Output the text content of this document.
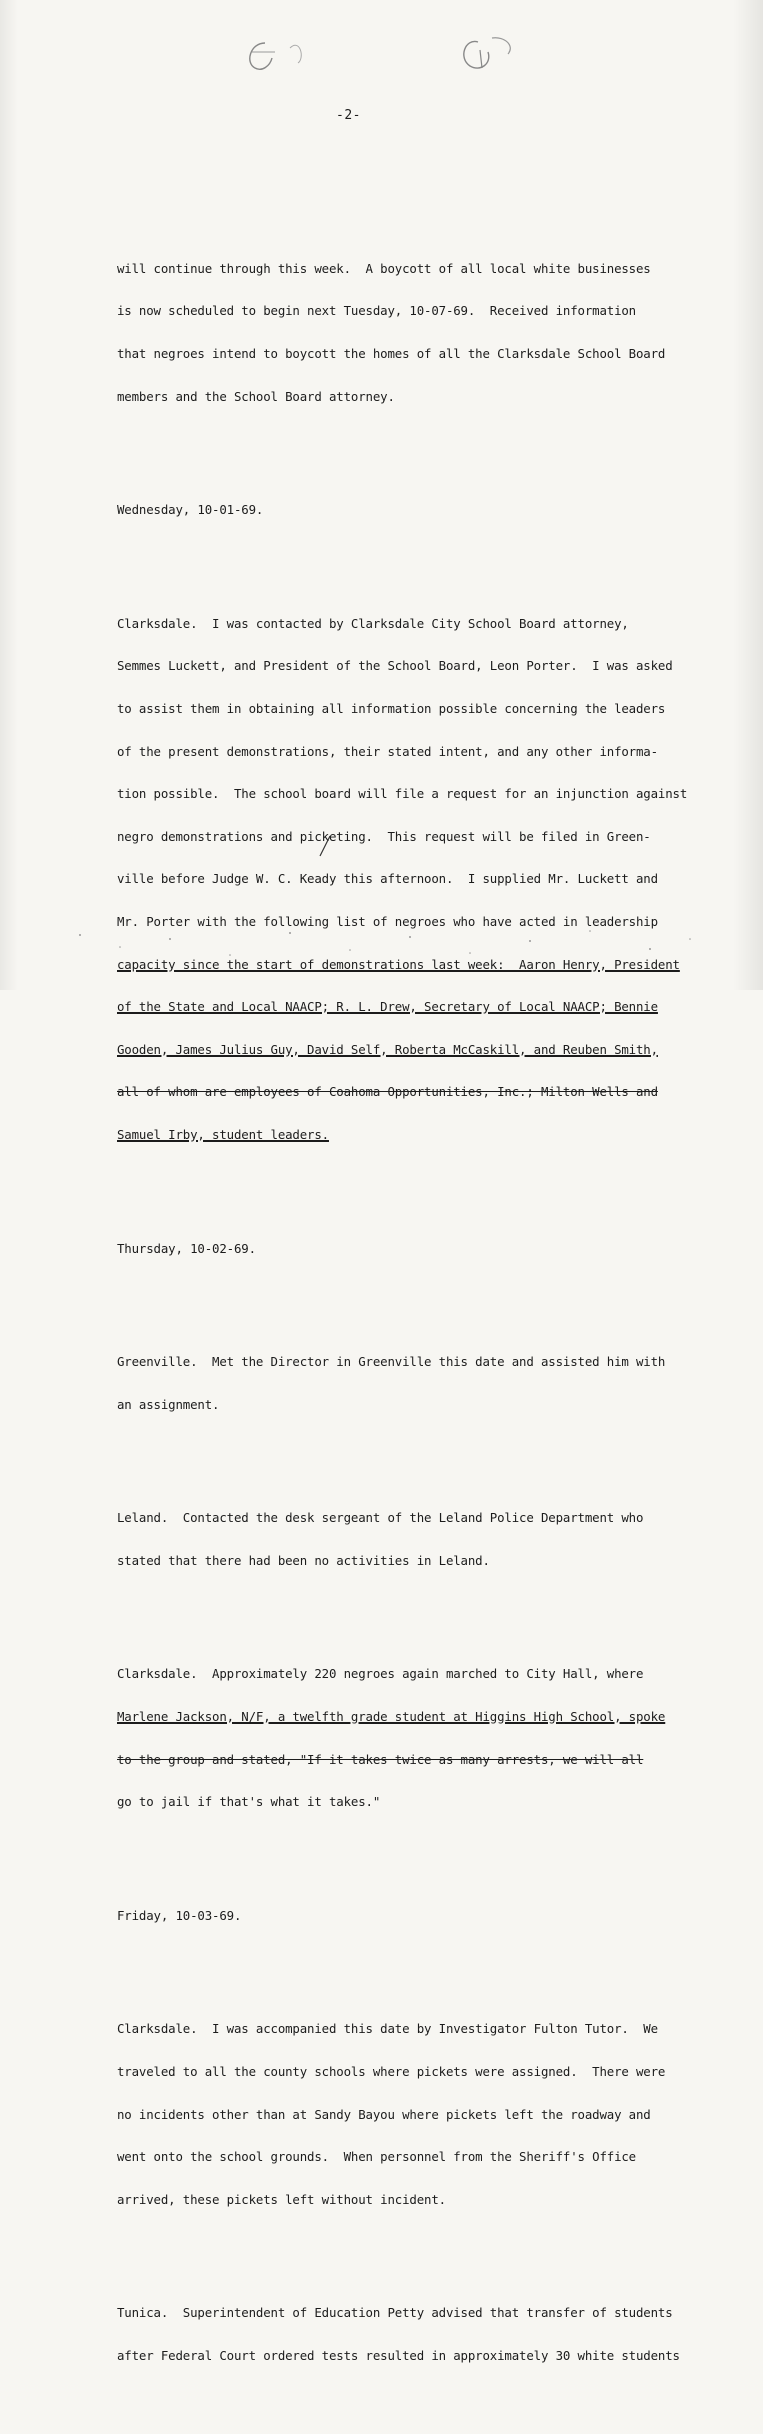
-2-

will continue through this week.  A boycott of all local white businesses

is now scheduled to begin next Tuesday, 10-07-69.  Received information

that negroes intend to boycott the homes of all the Clarksdale School Board

members and the School Board attorney.

Wednesday, 10-01-69.

Clarksdale.  I was contacted by Clarksdale City School Board attorney,

Semmes Luckett, and President of the School Board, Leon Porter.  I was asked

to assist them in obtaining all information possible concerning the leaders

of the present demonstrations, their stated intent, and any other informa-

tion possible.  The school board will file a request for an injunction against

negro demonstrations and picketing.  This request will be filed in Green-

ville before Judge W. C. Keady this afternoon.  I supplied Mr. Luckett and

Mr. Porter with the following list of negroes who have acted in leadership

capacity since the start of demonstrations last week:  Aaron Henry, President

of the State and Local NAACP; R. L. Drew, Secretary of Local NAACP; Bennie

Gooden, James Julius Guy, David Self, Roberta McCaskill, and Reuben Smith,

all of whom are employees of Coahoma Opportunities, Inc.; Milton Wells and

Samuel Irby, student leaders.

Thursday, 10-02-69.

Greenville.  Met the Director in Greenville this date and assisted him with

an assignment.

Leland.  Contacted the desk sergeant of the Leland Police Department who

stated that there had been no activities in Leland.

Clarksdale.  Approximately 220 negroes again marched to City Hall, where

Marlene Jackson, N/F, a twelfth grade student at Higgins High School, spoke

to the group and stated, "If it takes twice as many arrests, we will all

go to jail if that's what it takes."

Friday, 10-03-69.

Clarksdale.  I was accompanied this date by Investigator Fulton Tutor.  We

traveled to all the county schools where pickets were assigned.  There were

no incidents other than at Sandy Bayou where pickets left the roadway and

went onto the school grounds.  When personnel from the Sheriff's Office

arrived, these pickets left without incident.

Tunica.  Superintendent of Education Petty advised that transfer of students

after Federal Court ordered tests resulted in approximately 30 white students
